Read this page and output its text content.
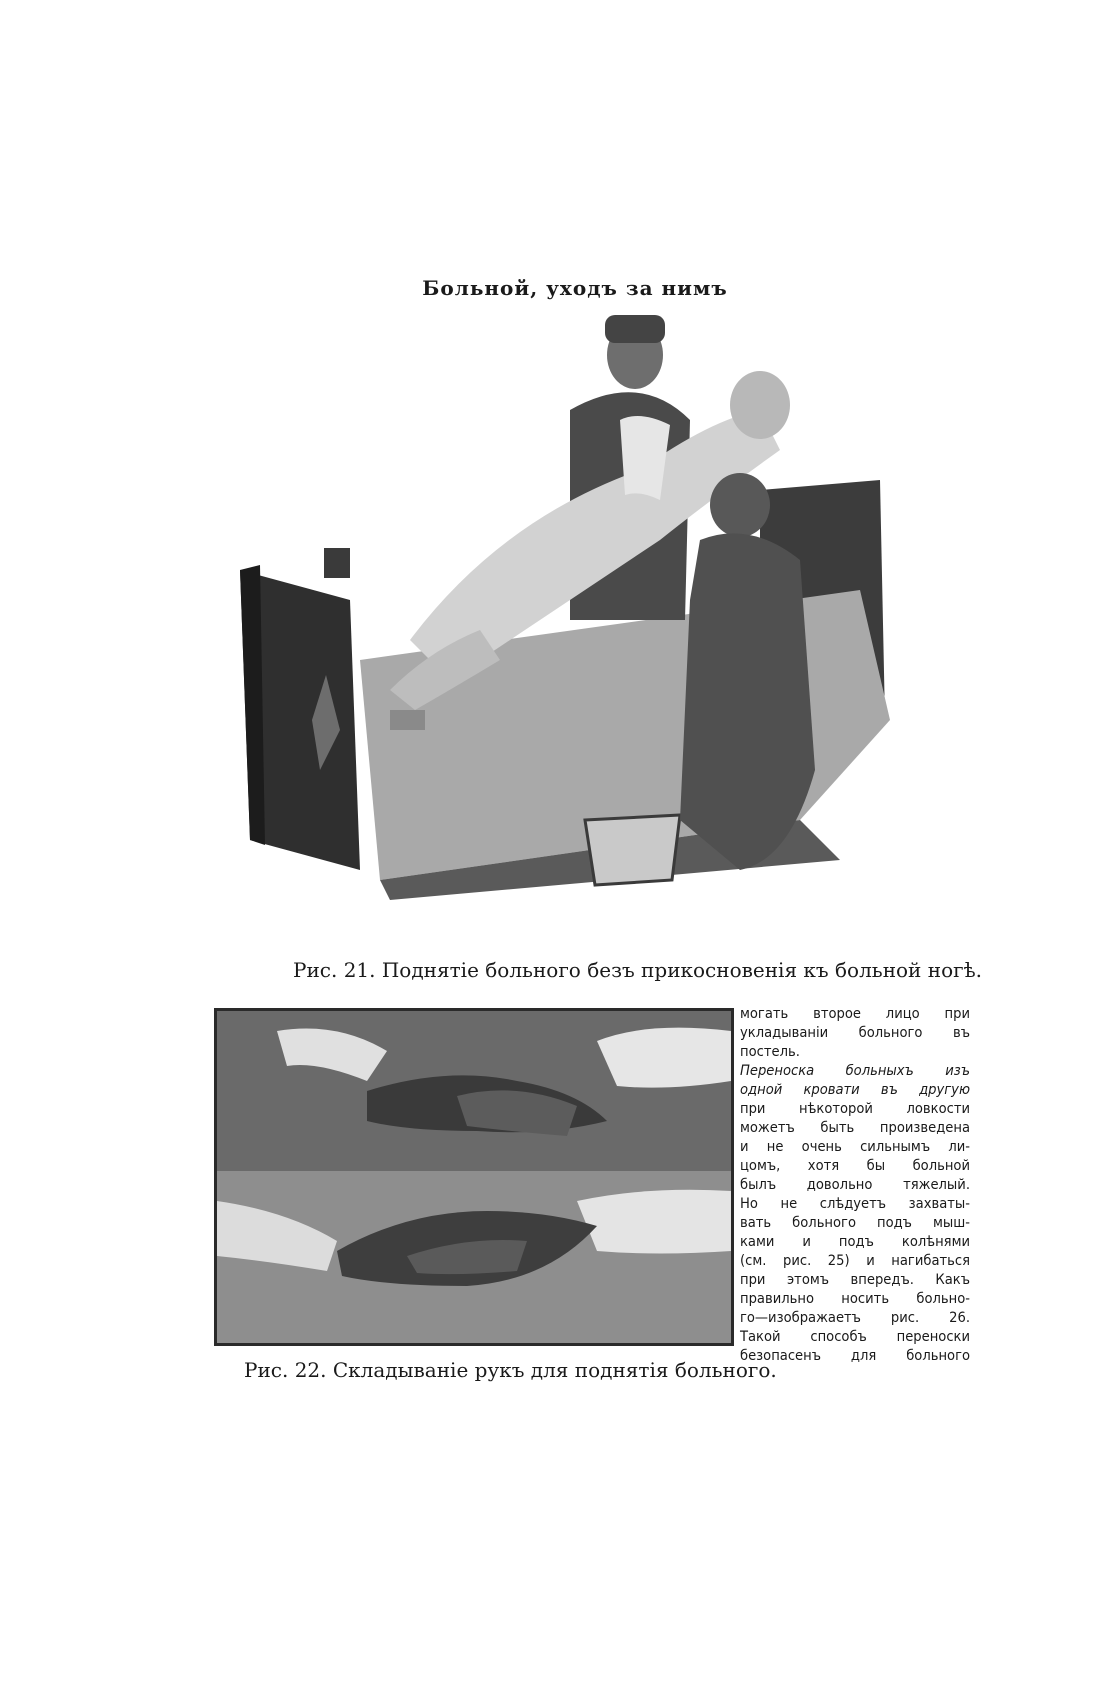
Больной, уходъ за нимъ
Рис. 21. Поднятіе больного безъ прикосновенія къ больной ногѣ.
Рис. 22. Складываніе рукъ для поднятія больного.
могать второе лицо при
укладываніи больного въ
постель.
Переноска больныхъ изъ
одной кровати въ другую
при нѣкоторой ловкости
можетъ быть произведена
и не очень сильнымъ ли-
цомъ, хотя бы больной
былъ довольно тяжелый.
Но не слѣдуетъ захваты-
вать больного подъ мыш-
ками и подъ колѣнями
(см. рис. 25) и нагибаться
при этомъ впередъ. Какъ
правильно носить больно-
го—изображаетъ рис. 26.
Такой способъ переноски
безопасенъ для больного
